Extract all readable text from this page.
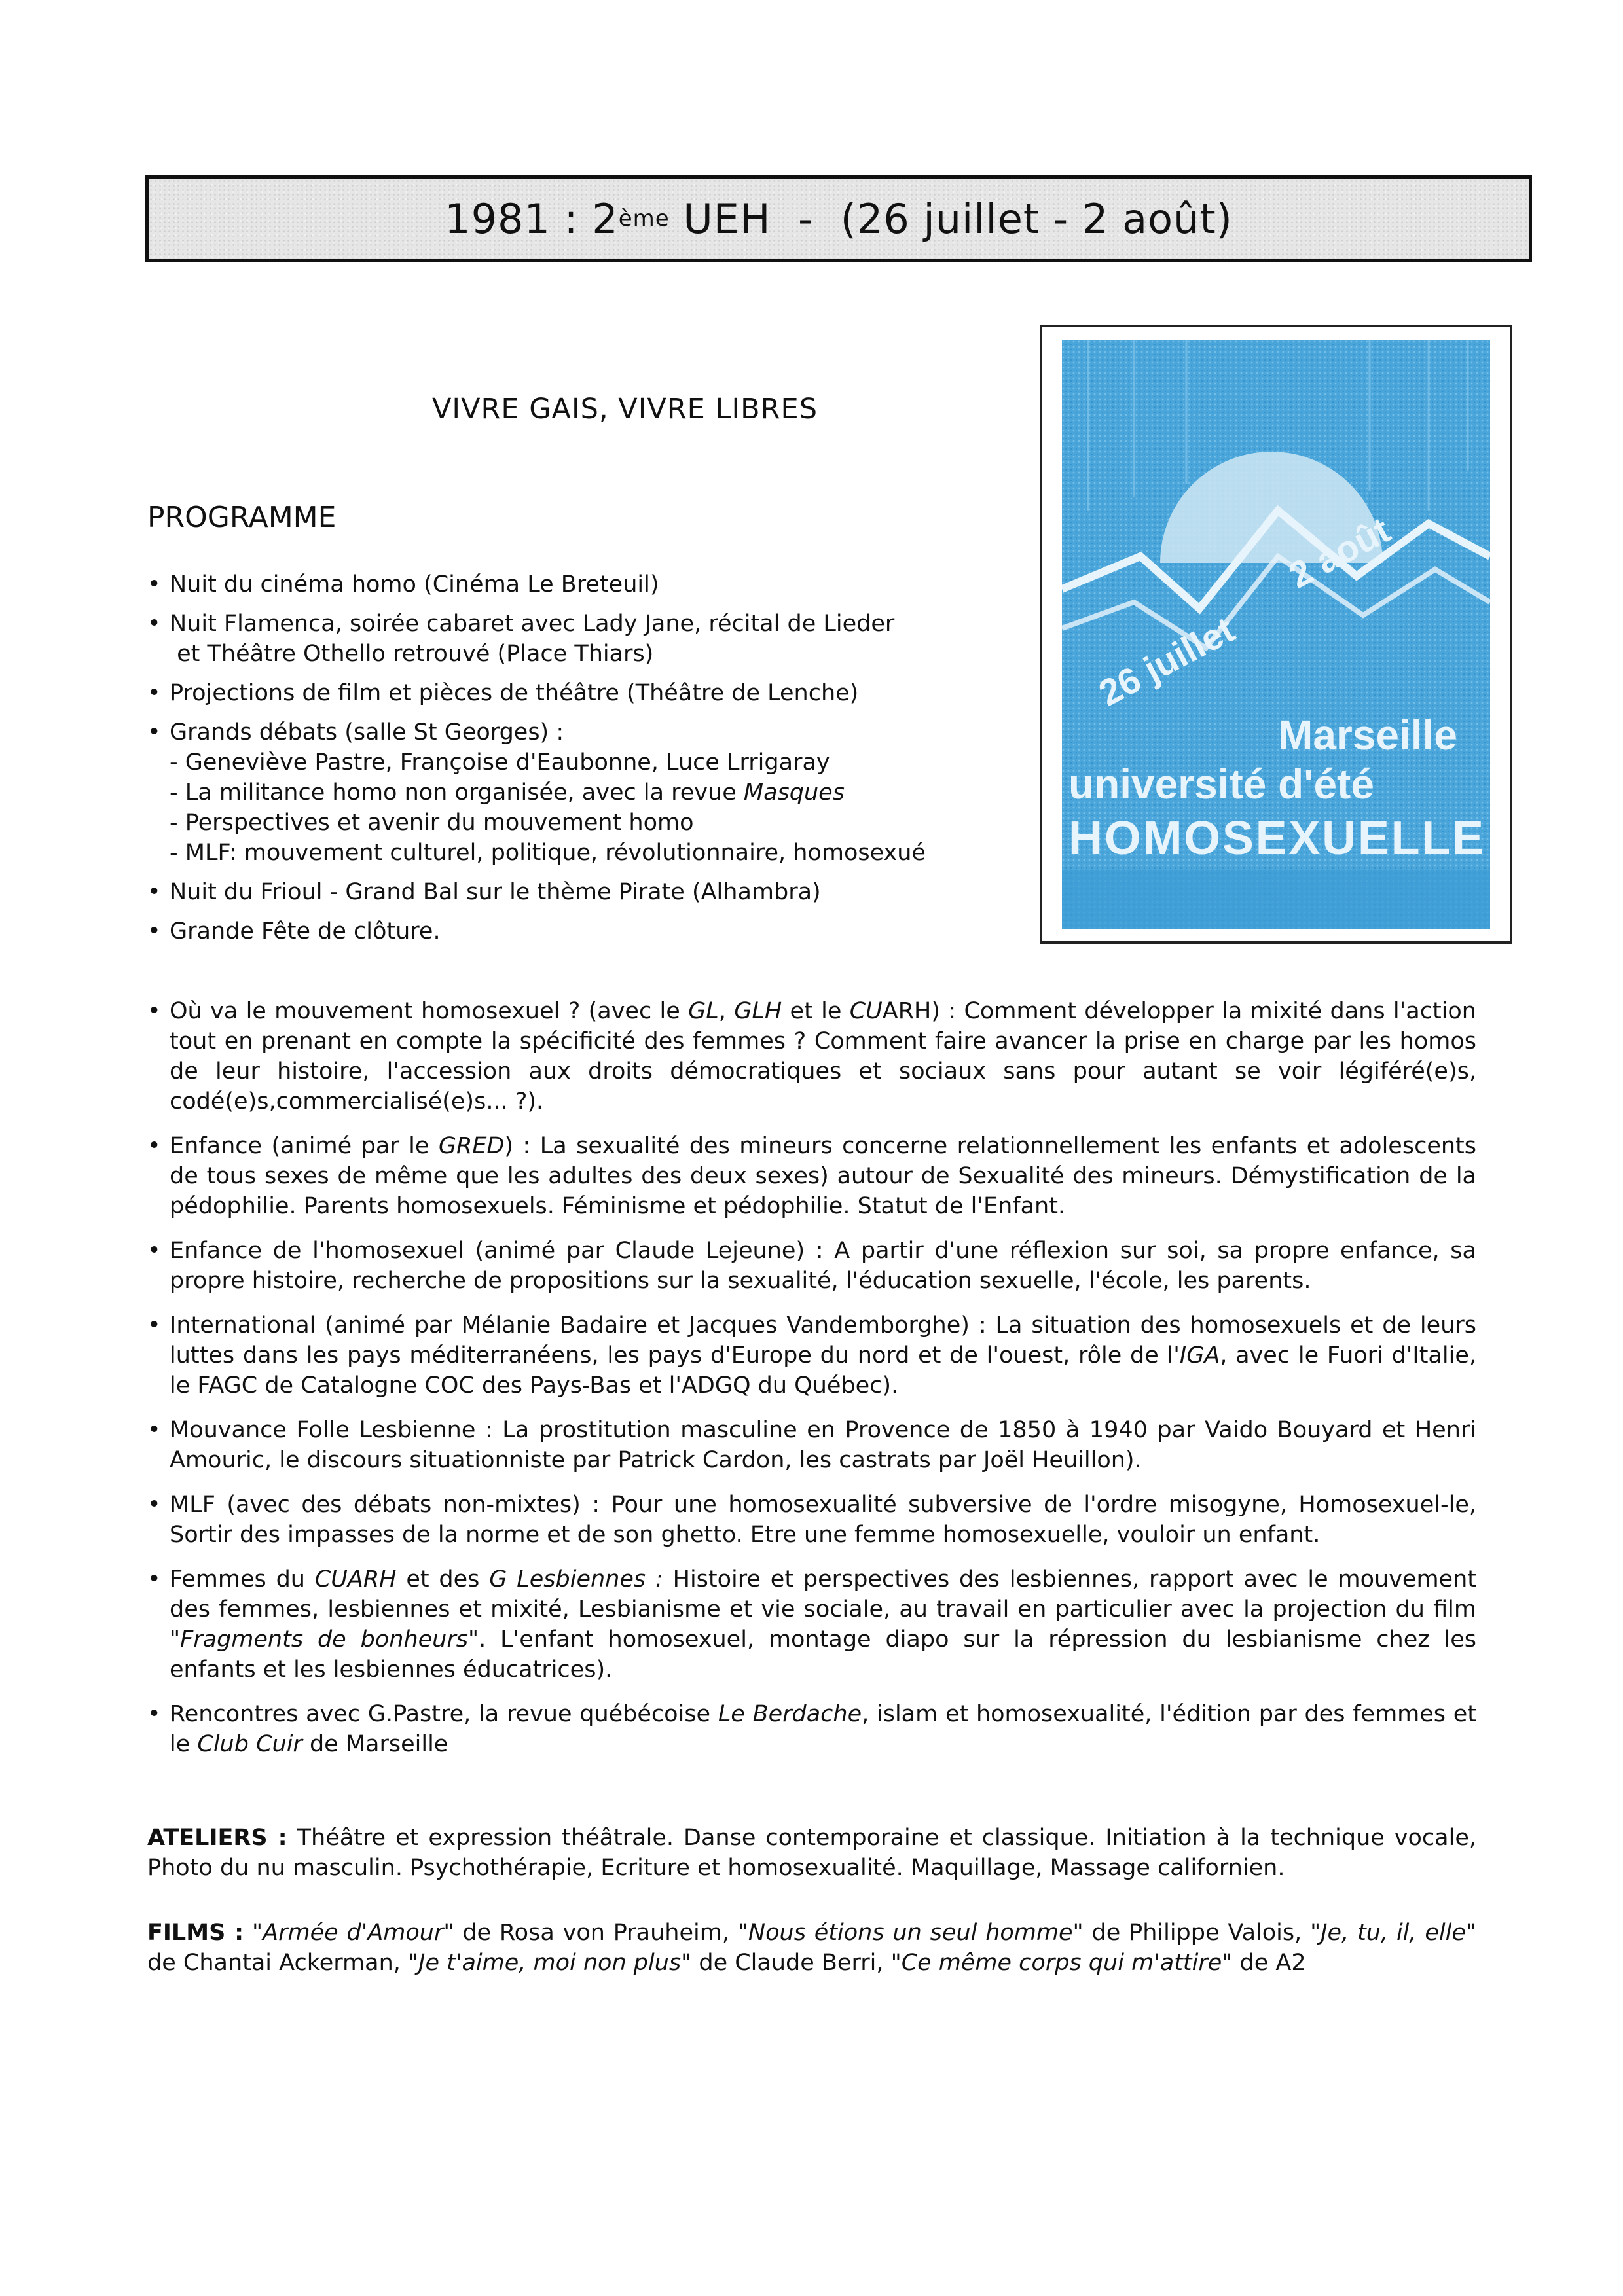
1981 : 2 ème UEH  -  (26 juillet - 2 août)
VIVRE GAIS, VIVRE LIBRES
PROGRAMME
• Nuit du cinéma homo (Cinéma Le Breteuil)
• Nuit Flamenca, soirée cabaret avec Lady Jane, récital de Lieder
et Théâtre Othello retrouvé (Place Thiars)
• Projections de film et pièces de théâtre (Théâtre de Lenche)
• Grands débats (salle St Georges) :
- Geneviève Pastre, Françoise d'Eaubonne, Luce Lrrigaray
- La militance homo non organisée, avec la revue Masques
- Perspectives et avenir du mouvement homo
- MLF: mouvement culturel, politique, révolutionnaire, homosexué
• Nuit du Frioul - Grand Bal sur le thème Pirate (Alhambra)
• Grande Fête de clôture.
26 juillet
2 août
Marseille
université d'été
HOMOSEXUELLE
• Où va le mouvement homosexuel ? (avec le GL, GLH et le CUARH) : Comment développer la mixité dans l'action tout en prenant en compte la spécificité des femmes ? Comment faire avancer la prise en charge par les homos de leur histoire, l'accession aux droits démocratiques et sociaux sans pour autant se voir légiféré(e)s, codé(e)s,commercialisé(e)s... ?).
• Enfance (animé par le GRED) : La sexualité des mineurs concerne relationnellement les enfants et adolescents de tous sexes de même que les adultes des deux sexes) autour de Sexualité des mineurs. Démystification de la pédophilie. Parents homosexuels. Féminisme et pédophilie. Statut de l'Enfant.
• Enfance de l'homosexuel (animé par Claude Lejeune) : A partir d'une réflexion sur soi, sa propre enfance, sa propre histoire, recherche de propositions sur la sexualité, l'éducation sexuelle, l'école, les parents.
• International (animé par Mélanie Badaire et Jacques Vandemborghe) : La situation des homosexuels et de leurs luttes dans les pays méditerranéens, les pays d'Europe du nord et de l'ouest, rôle de l'IGA, avec le Fuori d'Italie, le FAGC de Catalogne COC des Pays-Bas et l'ADGQ du Québec).
• Mouvance Folle Lesbienne : La prostitution masculine en Provence de 1850 à 1940 par Vaido Bouyard et Henri Amouric, le discours situationniste par Patrick Cardon, les castrats par Joël Heuillon).
• MLF (avec des débats non-mixtes) : Pour une homosexualité subversive de l'ordre misogyne, Homosexuel-le, Sortir des impasses de la norme et de son ghetto. Etre une femme homosexuelle, vouloir un enfant.
• Femmes du CUARH et des G Lesbiennes : Histoire et perspectives des lesbiennes, rapport avec le mouvement des femmes, lesbiennes et mixité, Lesbianisme et vie sociale, au travail en particulier avec la projection du film "Fragments de bonheurs". L'enfant homosexuel, montage diapo sur la répression du lesbianisme chez les enfants et les lesbiennes éducatrices).
• Rencontres avec G.Pastre, la revue québécoise Le Berdache, islam et homosexualité, l'édition par des femmes et le Club Cuir de Marseille
ATELIERS : Théâtre et expression théâtrale. Danse contemporaine et classique. Initiation à la technique vocale, Photo du nu masculin. Psychothérapie, Ecriture et homosexualité. Maquillage, Massage californien.
FILMS : "Armée d'Amour" de Rosa von Prauheim, "Nous étions un seul homme" de Philippe Valois, "Je, tu, il, elle" de Chantai Ackerman, "Je t'aime, moi non plus" de Claude Berri, "Ce même corps qui m'attire" de A2
